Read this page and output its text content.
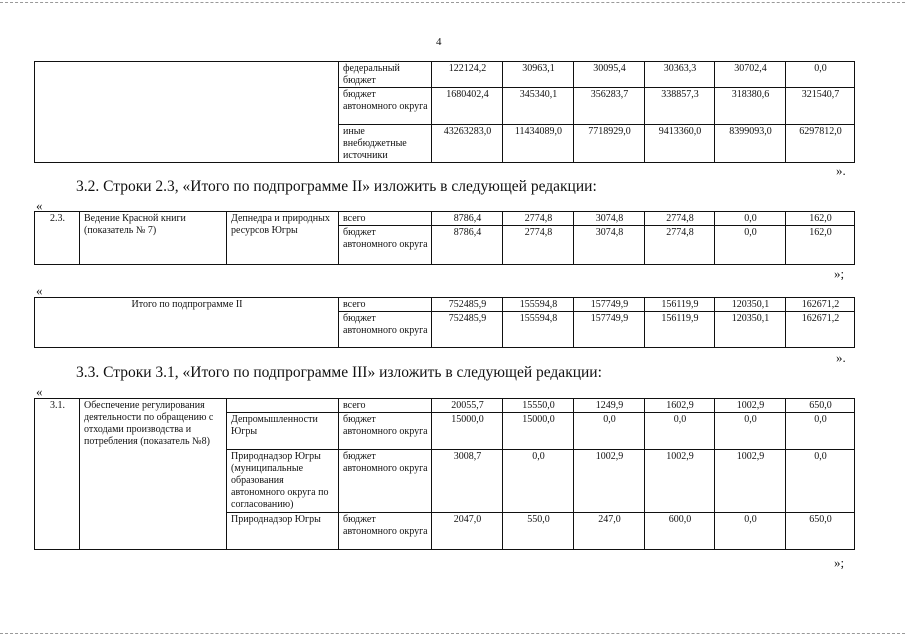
4
	федеральный бюджет	122124,2	30963,1	30095,4	30363,3	30702,4	0,0
	бюджет автономного округа	1680402,4	345340,1	356283,7	338857,3	318380,6	321540,7
	иные внебюджетные источники	43263283,0	11434089,0	7718929,0	9413360,0	8399093,0	6297812,0
».
3.2. Строки 2.3, «Итого по подпрограмме II» изложить в следующей редакции:
«
2.3.	Ведение Красной книги (показатель № 7)	Депнедра и природных ресурсов Югры	всего	8786,4	2774,8	3074,8	2774,8	0,0	162,0
			бюджет автономного округа	8786,4	2774,8	3074,8	2774,8	0,0	162,0
»;
«
Итого по подпрограмме II	всего	752485,9	155594,8	157749,9	156119,9	120350,1	162671,2
	бюджет автономного округа	752485,9	155594,8	157749,9	156119,9	120350,1	162671,2
».
3.3. Строки 3.1, «Итого по подпрограмме III» изложить в следующей редакции:
«
3.1.	Обеспечение регулирования деятельности по обращению с отходами производства и потребления (показатель №8)		всего	20055,7	15550,0	1249,9	1602,9	1002,9	650,0
		Депромышленности Югры	бюджет автономного округа	15000,0	15000,0	0,0	0,0	0,0	0,0
		Природнадзор Югры (муниципальные образования автономного округа по согласованию)	бюджет автономного округа	3008,7	0,0	1002,9	1002,9	1002,9	0,0
		Природнадзор Югры	бюджет автономного округа	2047,0	550,0	247,0	600,0	0,0	650,0
»;
